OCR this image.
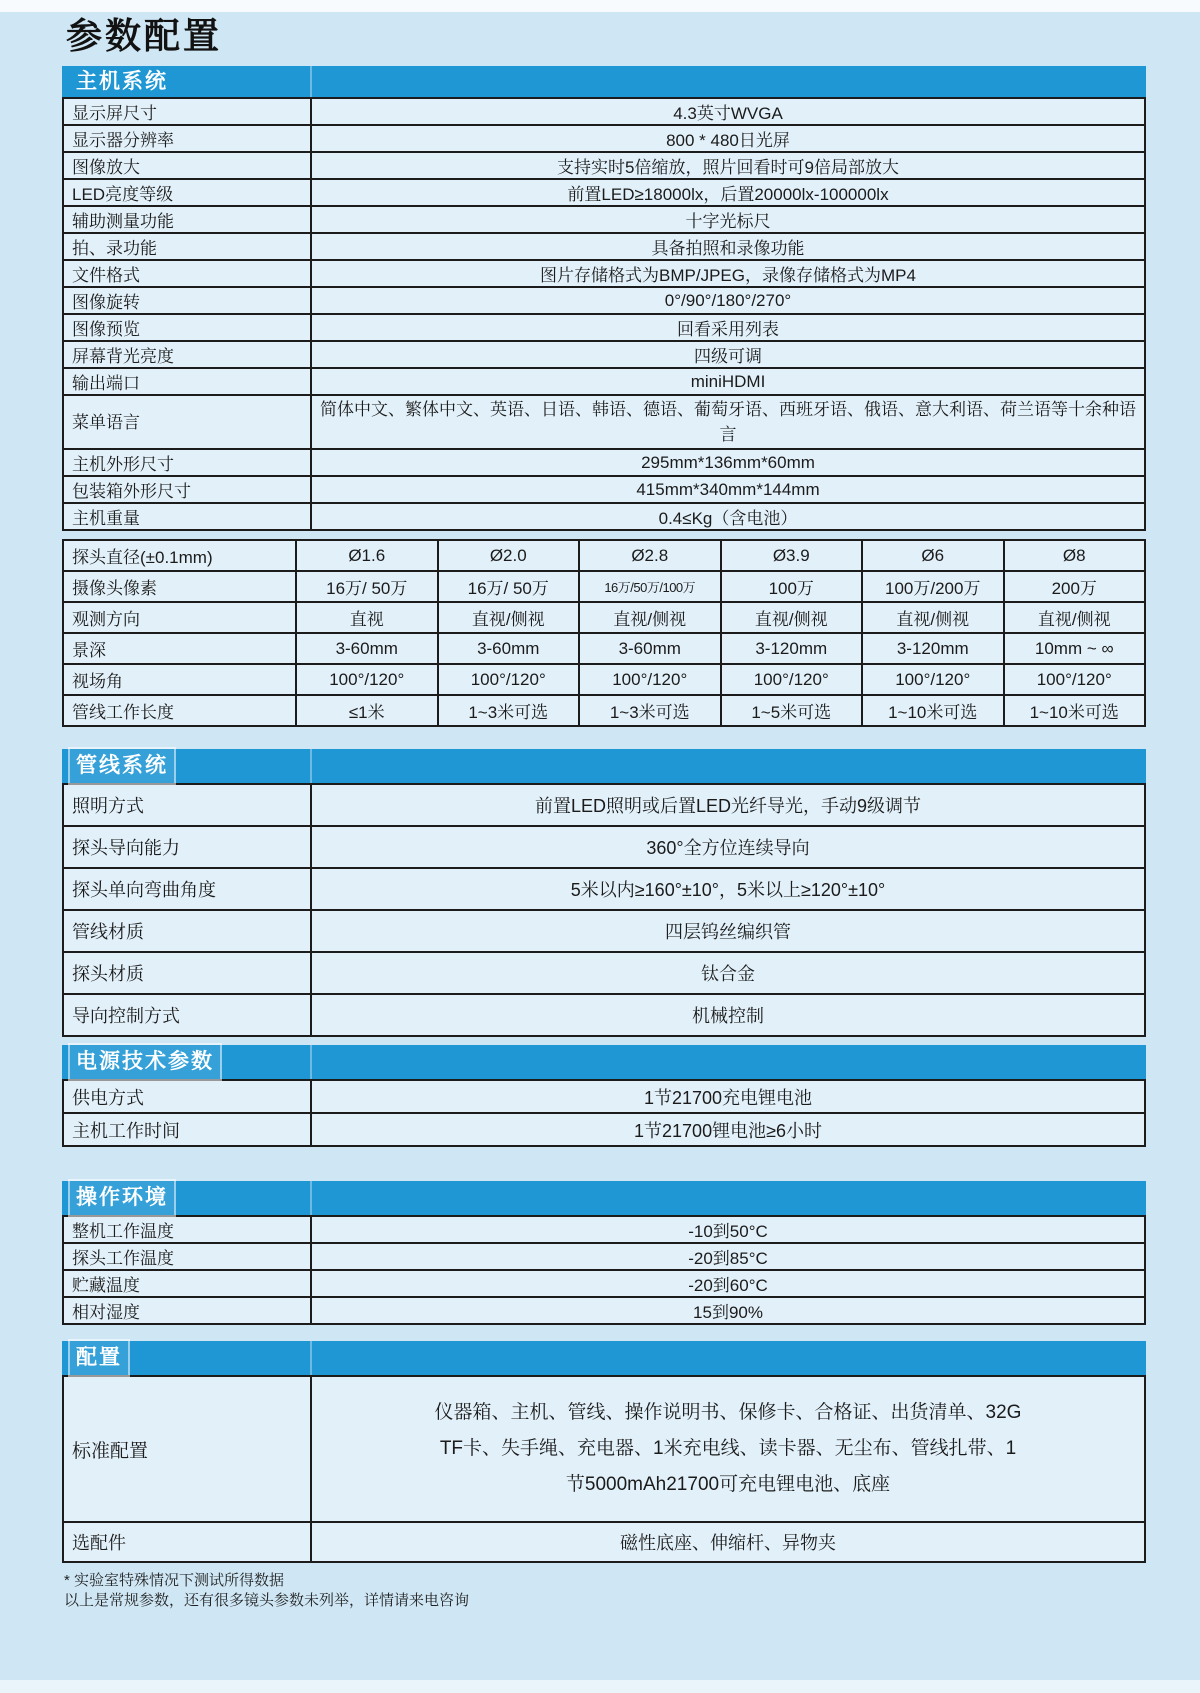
参数配置
主机系统
显示屏尺寸	4.3英寸WVGA
显示器分辨率	800 * 480日光屏
图像放大	支持实时5倍缩放，照片回看时可9倍局部放大
LED亮度等级	前置LED≥18000lx，后置20000lx-100000lx
辅助测量功能	十字光标尺
拍、录功能	具备拍照和录像功能
文件格式	图片存储格式为BMP/JPEG，录像存储格式为MP4
图像旋转	0°/90°/180°/270°
图像预览	回看采用列表
屏幕背光亮度	四级可调
输出端口	miniHDMI
菜单语言	简体中文、繁体中文、英语、日语、韩语、德语、葡萄牙语、西班牙语、俄语、意大利语、荷兰语等十余种语言
主机外形尺寸	295mm*136mm*60mm
包装箱外形尺寸	415mm*340mm*144mm
主机重量	0.4≤Kg（含电池）
探头直径(±0.1mm)	Ø1.6	Ø2.0	Ø2.8	Ø3.9	Ø6	Ø8
摄像头像素	16万/ 50万	16万/ 50万	16万/50万/100万	100万	100万/200万	200万
观测方向	直视	直视/侧视	直视/侧视	直视/侧视	直视/侧视	直视/侧视
景深	3-60mm	3-60mm	3-60mm	3-120mm	3-120mm	10mm ~ ∞
视场角	100°/120°	100°/120°	100°/120°	100°/120°	100°/120°	100°/120°
管线工作长度	≤1米	1~3米可选	1~3米可选	1~5米可选	1~10米可选	1~10米可选
管线系统
照明方式	前置LED照明或后置LED光纤导光，手动9级调节
探头导向能力	360°全方位连续导向
探头单向弯曲角度	5米以内≥160°±10°，5米以上≥120°±10°
管线材质	四层钨丝编织管
探头材质	钛合金
导向控制方式	机械控制
电源技术参数
供电方式	1节21700充电锂电池
主机工作时间	1节21700锂电池≥6小时
操作环境
整机工作温度	-10到50°C
探头工作温度	-20到85°C
贮藏温度	-20到60°C
相对湿度	15到90%
配置
标准配置	仪器箱、主机、管线、操作说明书、保修卡、合格证、出货清单、32G TF卡、失手绳、充电器、1米充电线、读卡器、无尘布、管线扎带、1节5000mAh21700可充电锂电池、底座
选配件	磁性底座、伸缩杆、异物夹
* 实验室特殊情况下测试所得数据
以上是常规参数，还有很多镜头参数未列举，详情请来电咨询
